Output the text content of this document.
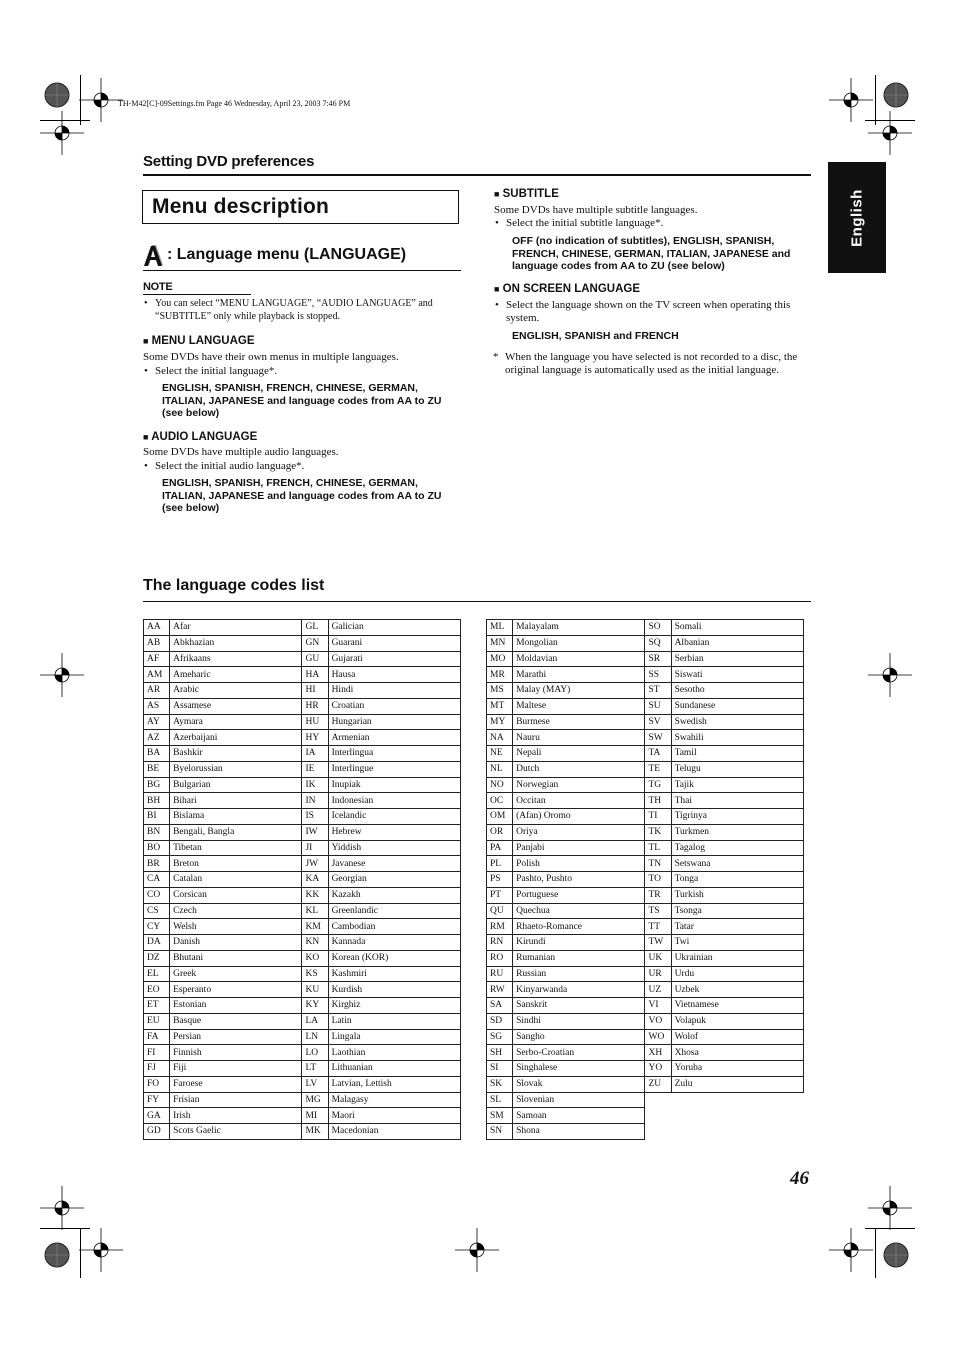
TH-M42[C]-09Settings.fm Page 46 Wednesday, April 23, 2003 7:46 PM
Setting DVD preferences
English
Menu description
: Language menu (LANGUAGE)
NOTE
• You can select “MENU LANGUAGE”, “AUDIO LANGUAGE” and “SUBTITLE” only while playback is stopped.
■ MENU LANGUAGE
Some DVDs have their own menus in multiple languages.
• Select the initial language*.
ENGLISH, SPANISH, FRENCH, CHINESE, GERMAN, ITALIAN, JAPANESE and language codes from AA to ZU (see below)
■ AUDIO LANGUAGE
Some DVDs have multiple audio languages.
• Select the initial audio language*.
ENGLISH, SPANISH, FRENCH, CHINESE, GERMAN, ITALIAN, JAPANESE and language codes from AA to ZU (see below)
■ SUBTITLE
Some DVDs have multiple subtitle languages.
• Select the initial subtitle language*.
OFF (no indication of subtitles), ENGLISH, SPANISH, FRENCH, CHINESE, GERMAN, ITALIAN, JAPANESE and language codes from AA to ZU (see below)
■ ON SCREEN LANGUAGE
• Select the language shown on the TV screen when operating this system.
ENGLISH, SPANISH and FRENCH
* When the language you have selected is not recorded to a disc, the original language is automatically used as the initial language.
The language codes list
AA	Afar	GL	Galician
AB	Abkhazian	GN	Guarani
AF	Afrikaans	GU	Gujarati
AM	Ameharic	HA	Hausa
AR	Arabic	HI	Hindi
AS	Assamese	HR	Croatian
AY	Aymara	HU	Hungarian
AZ	Azerbaijani	HY	Armenian
BA	Bashkir	IA	Interlingua
BE	Byelorussian	IE	Interlingue
BG	Bulgarian	IK	Inupiak
BH	Bihari	IN	Indonesian
BI	Bislama	IS	Icelandic
BN	Bengali, Bangla	IW	Hebrew
BO	Tibetan	JI	Yiddish
BR	Breton	JW	Javanese
CA	Catalan	KA	Georgian
CO	Corsican	KK	Kazakh
CS	Czech	KL	Greenlandic
CY	Welsh	KM	Cambodian
DA	Danish	KN	Kannada
DZ	Bhutani	KO	Korean (KOR)
EL	Greek	KS	Kashmiri
EO	Esperanto	KU	Kurdish
ET	Estonian	KY	Kirghiz
EU	Basque	LA	Latin
FA	Persian	LN	Lingala
FI	Finnish	LO	Laothian
FJ	Fiji	LT	Lithuanian
FO	Faroese	LV	Latvian, Lettish
FY	Frisian	MG	Malagasy
GA	Irish	MI	Maori
GD	Scots Gaelic	MK	Macedonian
ML	Malayalam	SO	Somali
MN	Mongolian	SQ	Albanian
MO	Moldavian	SR	Serbian
MR	Marathi	SS	Siswati
MS	Malay (MAY)	ST	Sesotho
MT	Maltese	SU	Sundanese
MY	Burmese	SV	Swedish
NA	Nauru	SW	Swahili
NE	Nepali	TA	Tamil
NL	Dutch	TE	Telugu
NO	Norwegian	TG	Tajik
OC	Occitan	TH	Thai
OM	(Afan) Oromo	TI	Tigrinya
OR	Oriya	TK	Turkmen
PA	Panjabi	TL	Tagalog
PL	Polish	TN	Setswana
PS	Pashto, Pushto	TO	Tonga
PT	Portuguese	TR	Turkish
QU	Quechua	TS	Tsonga
RM	Rhaeto-Romance	TT	Tatar
RN	Kirundi	TW	Twi
RO	Rumanian	UK	Ukrainian
RU	Russian	UR	Urdu
RW	Kinyarwanda	UZ	Uzbek
SA	Sanskrit	VI	Vietnamese
SD	Sindhi	VO	Volapuk
SG	Sangho	WO	Wolof
SH	Serbo-Croatian	XH	Xhosa
SI	Singhalese	YO	Yoruba
SK	Slovak	ZU	Zulu
SL	Slovenian		
SM	Samoan		
SN	Shona		
46
